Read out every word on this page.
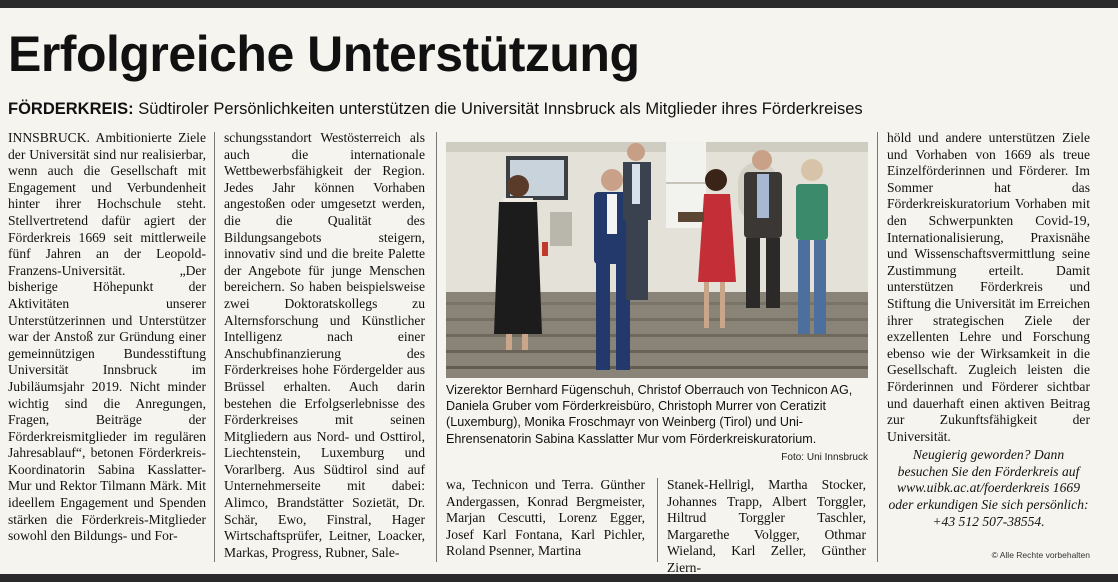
Erfolgreiche Unterstützung
FÖRDERKREIS: Südtiroler Persönlichkeiten unterstützen die Universität Innsbruck als Mitglieder ihres Förderkreises

INNSBRUCK. Ambitionierte Ziele der Universität sind nur realisierbar, wenn auch die Gesellschaft mit Engagement und Verbundenheit hinter ihrer Hochschule steht. Stellvertretend dafür agiert der Förderkreis 1669 seit mittlerweile fünf Jahren an der Leopold-Franzens-Universität. „Der bisherige Höhepunkt der Aktivitäten unserer Unterstützerinnen und Unterstützer war der Anstoß zur Gründung einer gemeinnützigen Bundesstiftung Universität Innsbruck im Jubiläumsjahr 2019. Nicht minder wichtig sind die Anregungen, Fragen, Beiträge der Förderkreismitglieder im regulären Jahresablauf“, betonen Förderkreis-Koordinatorin Sabina Kasslatter-Mur und Rektor Tilmann Märk. Mit ideellem Engagement und Spenden stärken die Förderkreis-Mitglieder sowohl den Bildungs- und For-

schungsstandort Westösterreich als auch die internationale Wettbewerbsfähigkeit der Region. Jedes Jahr können Vorhaben angestoßen oder umgesetzt werden, die die Qualität des Bildungsangebots steigern, innovativ sind und die breite Palette der Angebote für junge Menschen bereichern. So haben beispielsweise zwei Doktoratskollegs zu Alternsforschung und Künstlicher Intelligenz nach einer Anschubfinanzierung des Förderkreises hohe Fördergelder aus Brüssel erhalten. Auch darin bestehen die Erfolgserlebnisse des Förderkreises mit seinen Mitgliedern aus Nord- und Osttirol, Liechtenstein, Luxemburg und Vorarlberg. Aus Südtirol sind auf Unternehmerseite mit dabei: Alimco, Brandstätter Sozietät, Dr. Schär, Ewo, Finstral, Hager Wirtschaftsprüfer, Leitner, Loacker, Markas, Progress, Rubner, Sale-

Vizerektor Bernhard Fügenschuh, Christof Oberrauch von Technicon AG, Daniela Gruber vom Förderkreisbüro, Christoph Murrer von Ceratizit (Luxemburg), Monika Froschmayr von Weinberg (Tirol) und Uni-Ehrensenatorin Sabina Kasslatter Mur vom Förderkreiskuratorium.
Foto: Uni Innsbruck

wa, Technicon und Terra. Günther Andergassen, Konrad Bergmeister, Marjan Cescutti, Lorenz Egger, Josef Karl Fontana, Karl Pichler, Roland Psenner, Martina

Stanek-Hellrigl, Martha Stocker, Johannes Trapp, Albert Torggler, Hiltrud Torggler Taschler, Margarethe Volgger, Othmar Wieland, Karl Zeller, Günther Ziern-

höld und andere unterstützen Ziele und Vorhaben von 1669 als treue Einzelförderinnen und Förderer. Im Sommer hat das Förderkreiskuratorium Vorhaben mit den Schwerpunkten Covid-19, Internationalisierung, Praxisnähe und Wissenschaftsvermittlung seine Zustimmung erteilt. Damit unterstützen Förderkreis und Stiftung die Universität im Erreichen ihrer strategischen Ziele der exzellenten Lehre und Forschung ebenso wie der Wirksamkeit in die Gesellschaft. Zugleich leisten die Förderinnen und Förderer sichtbar und dauerhaft einen aktiven Beitrag zur Zukunftsfähigkeit der Universität.

Neugierig geworden? Dann besuchen Sie den Förderkreis auf www.uibk.ac.at/foerderkreis 1669 oder erkundigen Sie sich persönlich: +43 512 507-38554.

© Alle Rechte vorbehalten
